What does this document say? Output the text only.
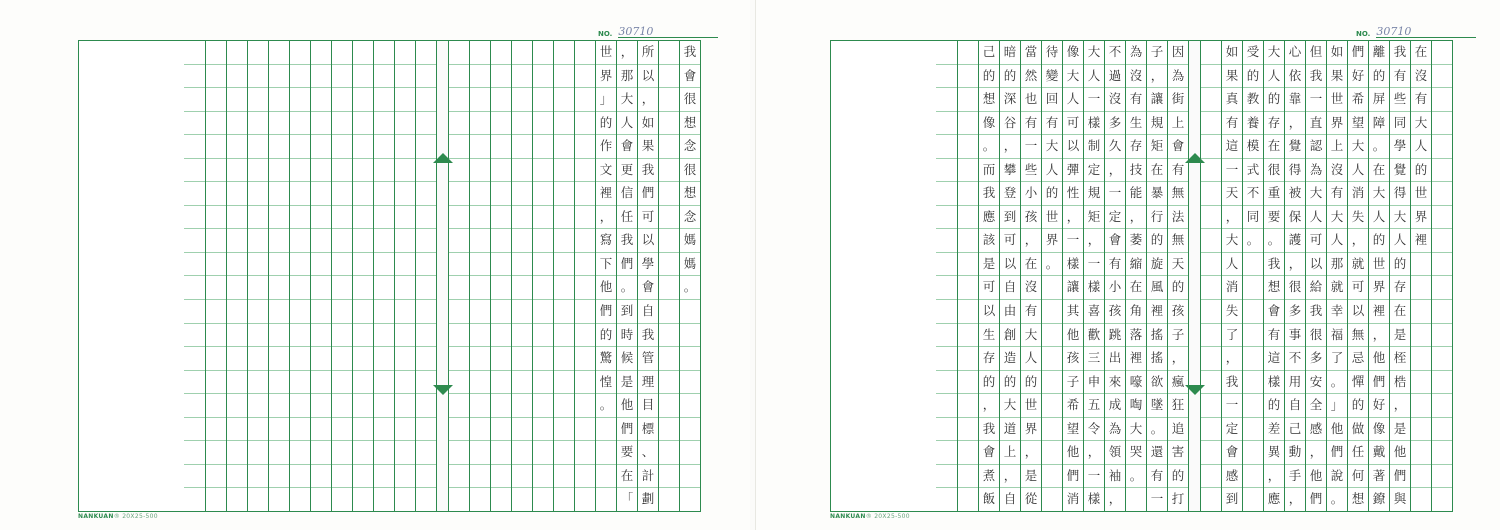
NO. 30710
我
會
很
想
念
很
想
念
媽
媽
。
所
以
，
如
果
我
們
可
以
學
會
自
我
管
理
目
標
、
計
劃
，
那
大
人
會
更
信
任
我
們
。
到
時
候
是
他
們
要
在
「
世
界
」
的
作
文
裡
，
寫
下
他
們
的
驚
惶
。
NANKUAN® 20X25-500
NO. 30710
在
沒
有
大
人
的
世
界
裡
我
有
些
同
學
覺
得
大
人
的
存
在
是
桎
梏
，
是
他
們
與
離
的
屏
障
。
在
大
人
的
世
界
裡
，
他
們
好
像
戴
著
鐐
們
好
希
望
大
人
消
失
，
就
可
以
無
忌
憚
的
做
任
何
想
如
果
世
界
上
沒
有
大
人
那
就
幸
福
了
。
」
他
們
說
。
但
我
一
直
認
為
大
人
可
以
給
我
很
多
安
全
感
，
他
們
心
依
靠
，
覺
得
被
保
護
，
很
多
事
不
用
自
己
動
手
，
大
人
的
存
在
很
重
要
。
我
想
會
有
這
樣
的
差
異
，
應
受
的
教
養
模
式
不
同
。
如
果
真
有
這
一
天
，
大
人
消
失
了
，
我
一
定
會
感
到
因
為
街
上
會
有
無
法
無
天
的
孩
子
，
瘋
狂
追
害
的
打
子
，
讓
規
矩
在
暴
行
的
旋
風
裡
搖
搖
欲
墜
。
還
有
一
為
沒
有
生
存
技
能
，
萎
縮
在
角
落
裡
嚎
啕
大
哭
。
不
過
沒
多
久
，
一
定
會
有
小
孩
跳
出
來
成
為
領
袖
，
大
人
一
樣
制
定
規
矩
，
一
樣
喜
歡
三
申
五
令
，
一
樣
像
大
人
可
以
彈
性
，
一
樣
讓
其
他
孩
子
希
望
他
們
消
待
變
回
有
大
人
的
世
界
。
當
然
也
有
一
些
小
孩
，
在
沒
有
大
人
的
世
界
，
是
從
暗
的
深
谷
，
攀
登
到
可
以
自
由
創
造
的
大
道
上
，
自
己
的
想
像
。
而
我
應
該
是
可
以
生
存
的
，
我
會
煮
飯
NANKUAN® 20X25-500
